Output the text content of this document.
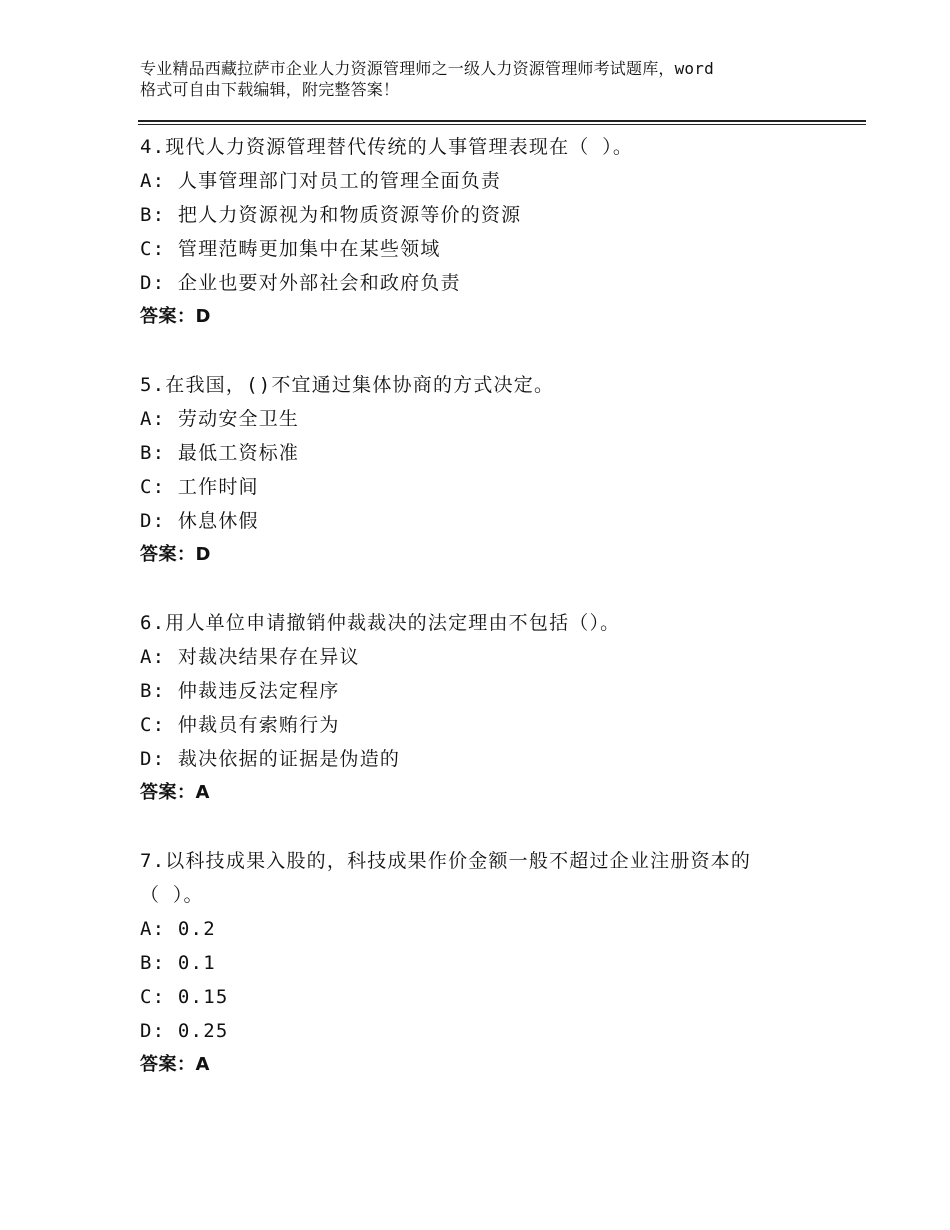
专业精品西藏拉萨市企业人力资源管理师之一级人力资源管理师考试题库，word
格式可自由下载编辑，附完整答案！
4.现代人力资源管理替代传统的人事管理表现在（ ）。
A: 人事管理部门对员工的管理全面负责
B: 把人力资源视为和物质资源等价的资源
C: 管理范畴更加集中在某些领域
D: 企业也要对外部社会和政府负责
答案：D
5.在我国，()不宜通过集体协商的方式决定。
A: 劳动安全卫生
B: 最低工资标准
C: 工作时间
D: 休息休假
答案：D
6.用人单位申请撤销仲裁裁决的法定理由不包括（）。
A: 对裁决结果存在异议
B: 仲裁违反法定程序
C: 仲裁员有索贿行为
D: 裁决依据的证据是伪造的
答案：A
7.以科技成果入股的，科技成果作价金额一般不超过企业注册资本的
（ ）。
A: 0.2
B: 0.1
C: 0.15
D: 0.25
答案：A
